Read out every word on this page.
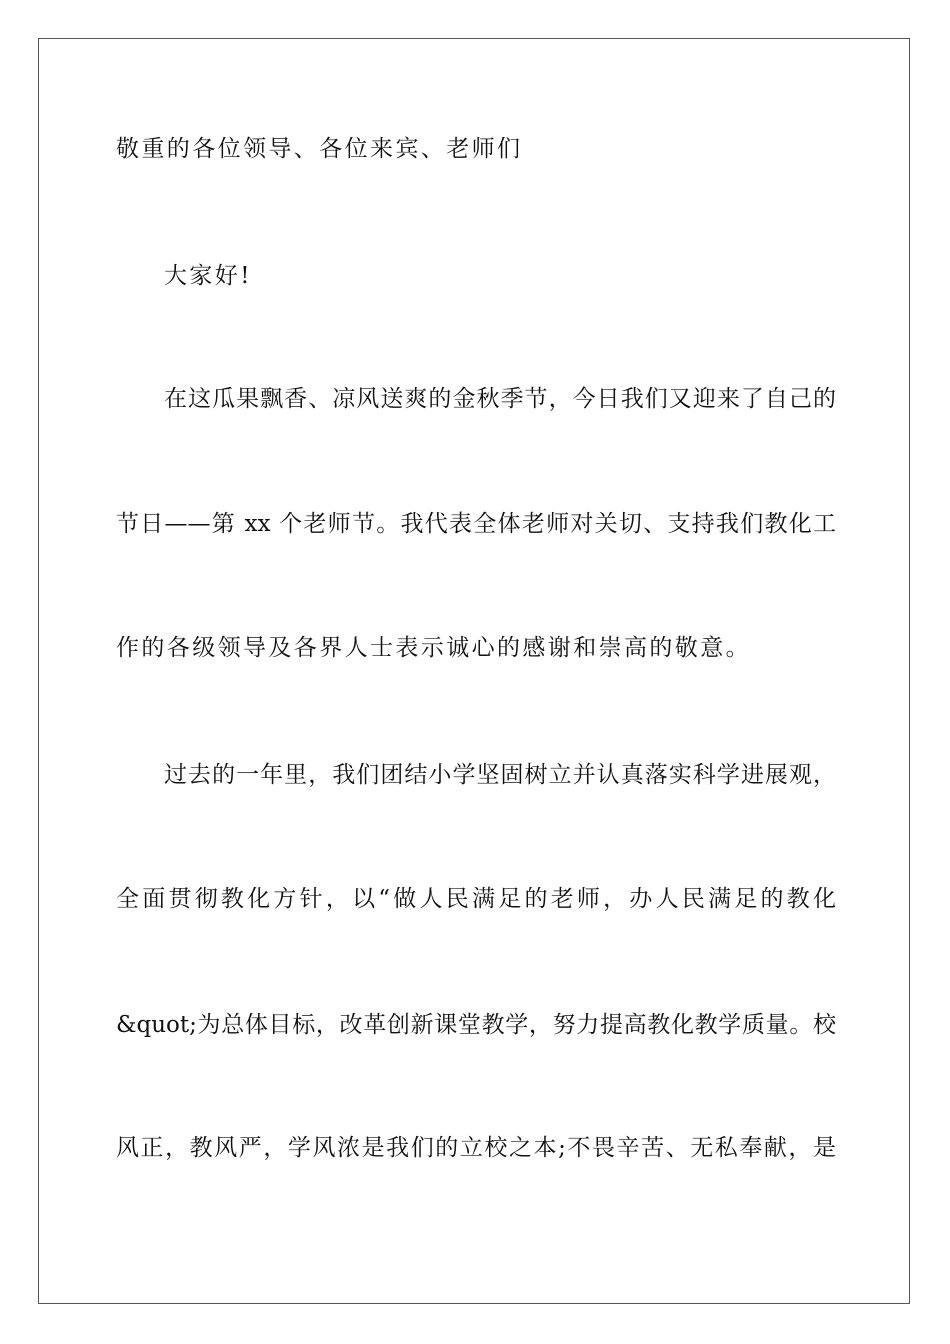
敬重的各位领导、各位来宾、老师们
大家好!
在这瓜果飘香、凉风送爽的金秋季节，今日我们又迎来了自己的
节日——第 xx 个老师节。我代表全体老师对关切、支持我们教化工
作的各级领导及各界人士表示诚心的感谢和崇高的敬意。
过去的一年里，我们团结小学坚固树立并认真落实科学进展观，
全面贯彻教化方针，以“做人民满足的老师，办人民满足的教化
&quot;为总体目标，改革创新课堂教学，努力提高教化教学质量。校
风正，教风严，学风浓是我们的立校之本;不畏辛苦、无私奉献，是
